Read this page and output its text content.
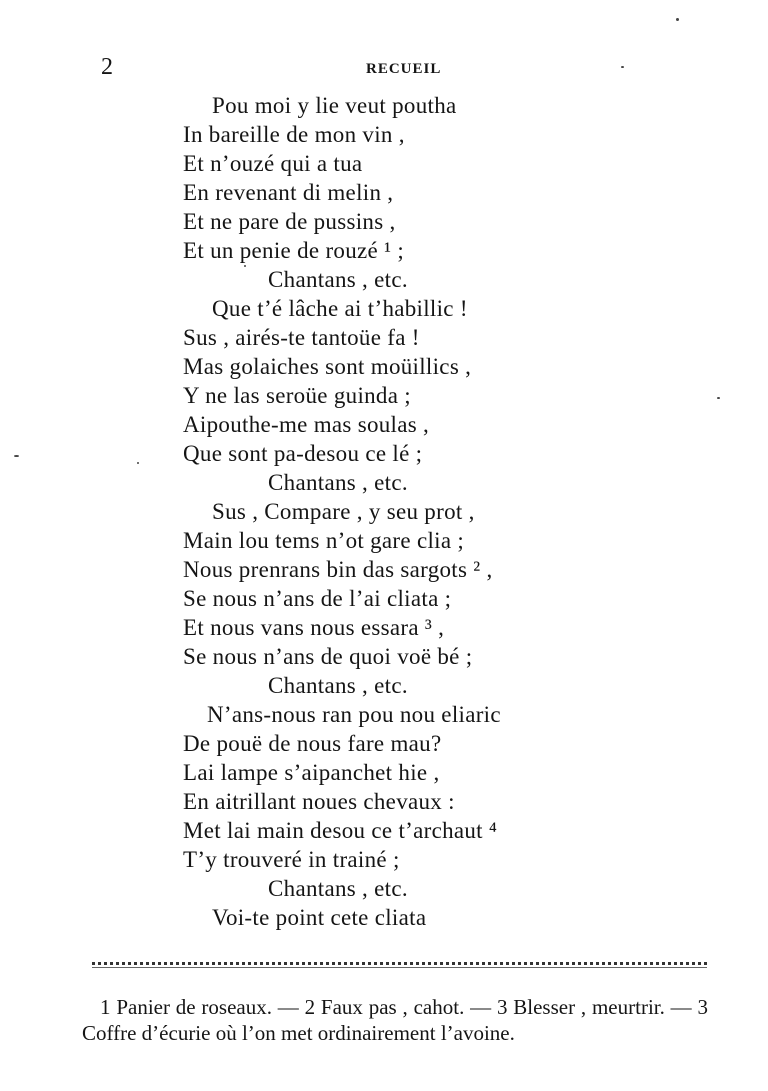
2	RECUEIL
Pou moi y lie veut poutha
In bareille de mon vin ,
Et n’ouzé qui a tua
En revenant di melin ,
Et ne pare de pussins ,
Et un penie de rouzé ¹ ;
Chantans , etc.
Que t’é lâche ai t’habillic !
Sus , airés-te tantoüe fa !
Mas golaiches sont moüillics ,
Y ne las seroüe guinda ;
Aipouthe-me mas soulas ,
Que sont pa-desou ce lé ;
Chantans , etc.
Sus , Compare , y seu prot ,
Main lou tems n’ot gare clia ;
Nous prenrans bin das sargots ² ,
Se nous n’ans de l’ai cliata ;
Et nous vans nous essara ³ ,
Se nous n’ans de quoi voë bé ;
Chantans , etc.
N’ans-nous ran pou nou eliaric
De pouë de nous fare mau?
Lai lampe s’aipanchet hie ,
En aitrillant noues chevaux :
Met lai main desou ce t’archaut ⁴
T’y trouveré in trainé ;
Chantans , etc.
Voi-te point cete cliata
1 Panier de roseaux. — 2 Faux pas , cahot. — 3 Blesser , meurtrir. — 3 Coffre d’écurie où l’on met ordinairement l’avoine.
